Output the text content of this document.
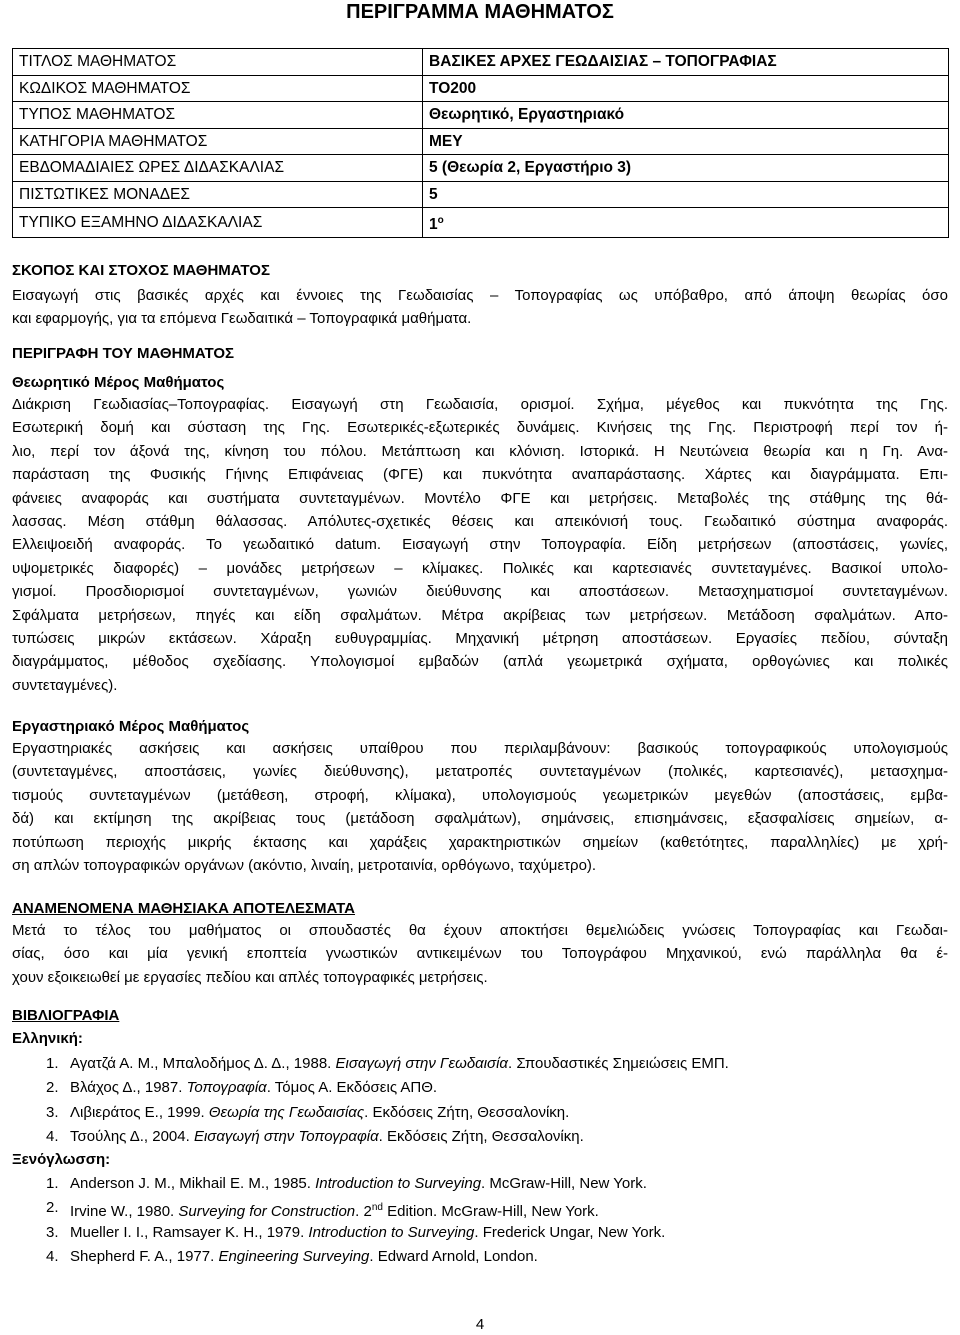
ΠΕΡΙΓΡΑΜΜΑ ΜΑΘΗΜΑΤΟΣ
ΤΙΤΛΟΣ ΜΑΘΗΜΑΤΟΣ	ΒΑΣΙΚΕΣ ΑΡΧΕΣ ΓΕΩΔΑΙΣΙΑΣ – ΤΟΠΟΓΡΑΦΙΑΣ
ΚΩΔΙΚΟΣ ΜΑΘΗΜΑΤΟΣ	ΤΟ200
ΤΥΠΟΣ ΜΑΘΗΜΑΤΟΣ	Θεωρητικό, Εργαστηριακό
ΚΑΤΗΓΟΡΙΑ ΜΑΘΗΜΑΤΟΣ	ΜΕΥ
ΕΒΔΟΜΑΔΙΑΙΕΣ ΩΡΕΣ ΔΙΔΑΣΚΑΛΙΑΣ	5 (Θεωρία 2, Εργαστήριο 3)
ΠΙΣΤΩΤΙΚΕΣ ΜΟΝΑΔΕΣ	5
ΤΥΠΙΚΟ ΕΞΑΜΗΝΟ ΔΙΔΑΣΚΑΛΙΑΣ	$1^o$
ΣΚΟΠΟΣ ΚΑΙ ΣΤΟΧΟΣ ΜΑΘΗΜΑΤΟΣ
Εισαγωγή στις βασικές αρχές και έννοιες της Γεωδαισίας – Τοπογραφίας ως υπόβαθρο, από άποψη θεωρίας όσο
και εφαρμογής, για τα επόμενα Γεωδαιτικά – Τοπογραφικά μαθήματα.
ΠΕΡΙΓΡΑΦΗ ΤΟΥ ΜΑΘΗΜΑΤΟΣ
Θεωρητικό Μέρος Μαθήματος
Διάκριση Γεωδιασίας–Τοπογραφίας. Εισαγωγή στη Γεωδαισία, ορισμοί. Σχήμα, μέγεθος και πυκνότητα της Γης.
Εσωτερική δομή και σύσταση της Γης. Εσωτερικές-εξωτερικές δυνάμεις. Κινήσεις της Γης. Περιστροφή περί τον ή-
λιο, περί τον άξονά της, κίνηση του πόλου. Μετάπτωση και κλόνιση. Ιστορικά. Η Νευτώνεια θεωρία και η Γη. Ανα-
παράσταση της Φυσικής Γήινης Επιφάνειας (ΦΓΕ) και πυκνότητα αναπαράστασης. Χάρτες και διαγράμματα. Επι-
φάνειες αναφοράς και συστήματα συντεταγμένων. Μοντέλο ΦΓΕ και μετρήσεις. Μεταβολές της στάθμης της θά-
λασσας. Μέση στάθμη θάλασσας. Απόλυτες-σχετικές θέσεις και απεικόνισή τους. Γεωδαιτικό σύστημα αναφοράς.
Ελλειψοειδή αναφοράς. Το γεωδαιτικό datum. Εισαγωγή στην Τοπογραφία. Είδη μετρήσεων (αποστάσεις, γωνίες,
υψομετρικές διαφορές) – μονάδες μετρήσεων – κλίμακες. Πολικές και καρτεσιανές συντεταγμένες. Βασικοί υπολο-
γισμοί. Προσδιορισμοί συντεταγμένων, γωνιών διεύθυνσης και αποστάσεων. Μετασχηματισμοί συντεταγμένων.
Σφάλματα μετρήσεων, πηγές και είδη σφαλμάτων. Μέτρα ακρίβειας των μετρήσεων. Μετάδοση σφαλμάτων. Απο-
τυπώσεις μικρών εκτάσεων. Χάραξη ευθυγραμμίας. Μηχανική μέτρηση αποστάσεων. Εργασίες πεδίου, σύνταξη
διαγράμματος, μέθοδος σχεδίασης. Υπολογισμοί εμβαδών (απλά γεωμετρικά σχήματα, ορθογώνιες και πολικές
συντεταγμένες).
Εργαστηριακό Μέρος Μαθήματος
Εργαστηριακές ασκήσεις και ασκήσεις υπαίθρου που περιλαμβάνουν: βασικούς τοπογραφικούς υπολογισμούς
(συντεταγμένες, αποστάσεις, γωνίες διεύθυνσης), μετατροπές συντεταγμένων (πολικές, καρτεσιανές), μετασχημα-
τισμούς συντεταγμένων (μετάθεση, στροφή, κλίμακα), υπολογισμούς γεωμετρικών μεγεθών (αποστάσεις, εμβα-
δά) και εκτίμηση της ακρίβειας τους (μετάδοση σφαλμάτων), σημάνσεις, επισημάνσεις, εξασφαλίσεις σημείων, α-
ποτύπωση περιοχής μικρής έκτασης και χαράξεις χαρακτηριστικών σημείων (καθετότητες, παραλληλίες) με χρή-
ση απλών τοπογραφικών οργάνων (ακόντιο, λιναίη, μετροταινία, ορθόγωνο, ταχύμετρο).
ΑΝΑΜΕΝΟΜΕΝΑ ΜΑΘΗΣΙΑΚΑ ΑΠΟΤΕΛΕΣΜΑΤΑ
Μετά το τέλος του μαθήματος οι σπουδαστές θα έχουν αποκτήσει θεμελιώδεις γνώσεις Τοπογραφίας και Γεωδαι-
σίας, όσο και μία γενική εποπτεία γνωστικών αντικειμένων του Τοπογράφου Μηχανικού, ενώ παράλληλα θα έ-
χουν εξοικειωθεί με εργασίες πεδίου και απλές τοπογραφικές μετρήσεις.
ΒΙΒΛΙΟΓΡΑΦΙΑ
Ελληνική:
1. Αγατζά Α. Μ., Μπαλοδήμος Δ. Δ., 1988. Εισαγωγή στην Γεωδαισία. Σπουδαστικές Σημειώσεις ΕΜΠ.
2. Βλάχος Δ., 1987. Τοπογραφία. Τόμος Α. Εκδόσεις ΑΠΘ.
3. Λιβιεράτος Ε., 1999. Θεωρία της Γεωδαισίας. Εκδόσεις Ζήτη, Θεσσαλονίκη.
4. Τσούλης Δ., 2004. Εισαγωγή στην Τοπογραφία. Εκδόσεις Ζήτη, Θεσσαλονίκη.
Ξενόγλωσση:
1. Anderson J. M., Mikhail E. M., 1985. Introduction to Surveying. McGraw-Hill, New York.
2. Irvine W., 1980. Surveying for Construction. 2nd Edition. McGraw-Hill, New York.
3. Mueller I. I., Ramsayer K. H., 1979. Introduction to Surveying. Frederick Ungar, New York.
4. Shepherd F. A., 1977. Engineering Surveying. Edward Arnold, London.
4
